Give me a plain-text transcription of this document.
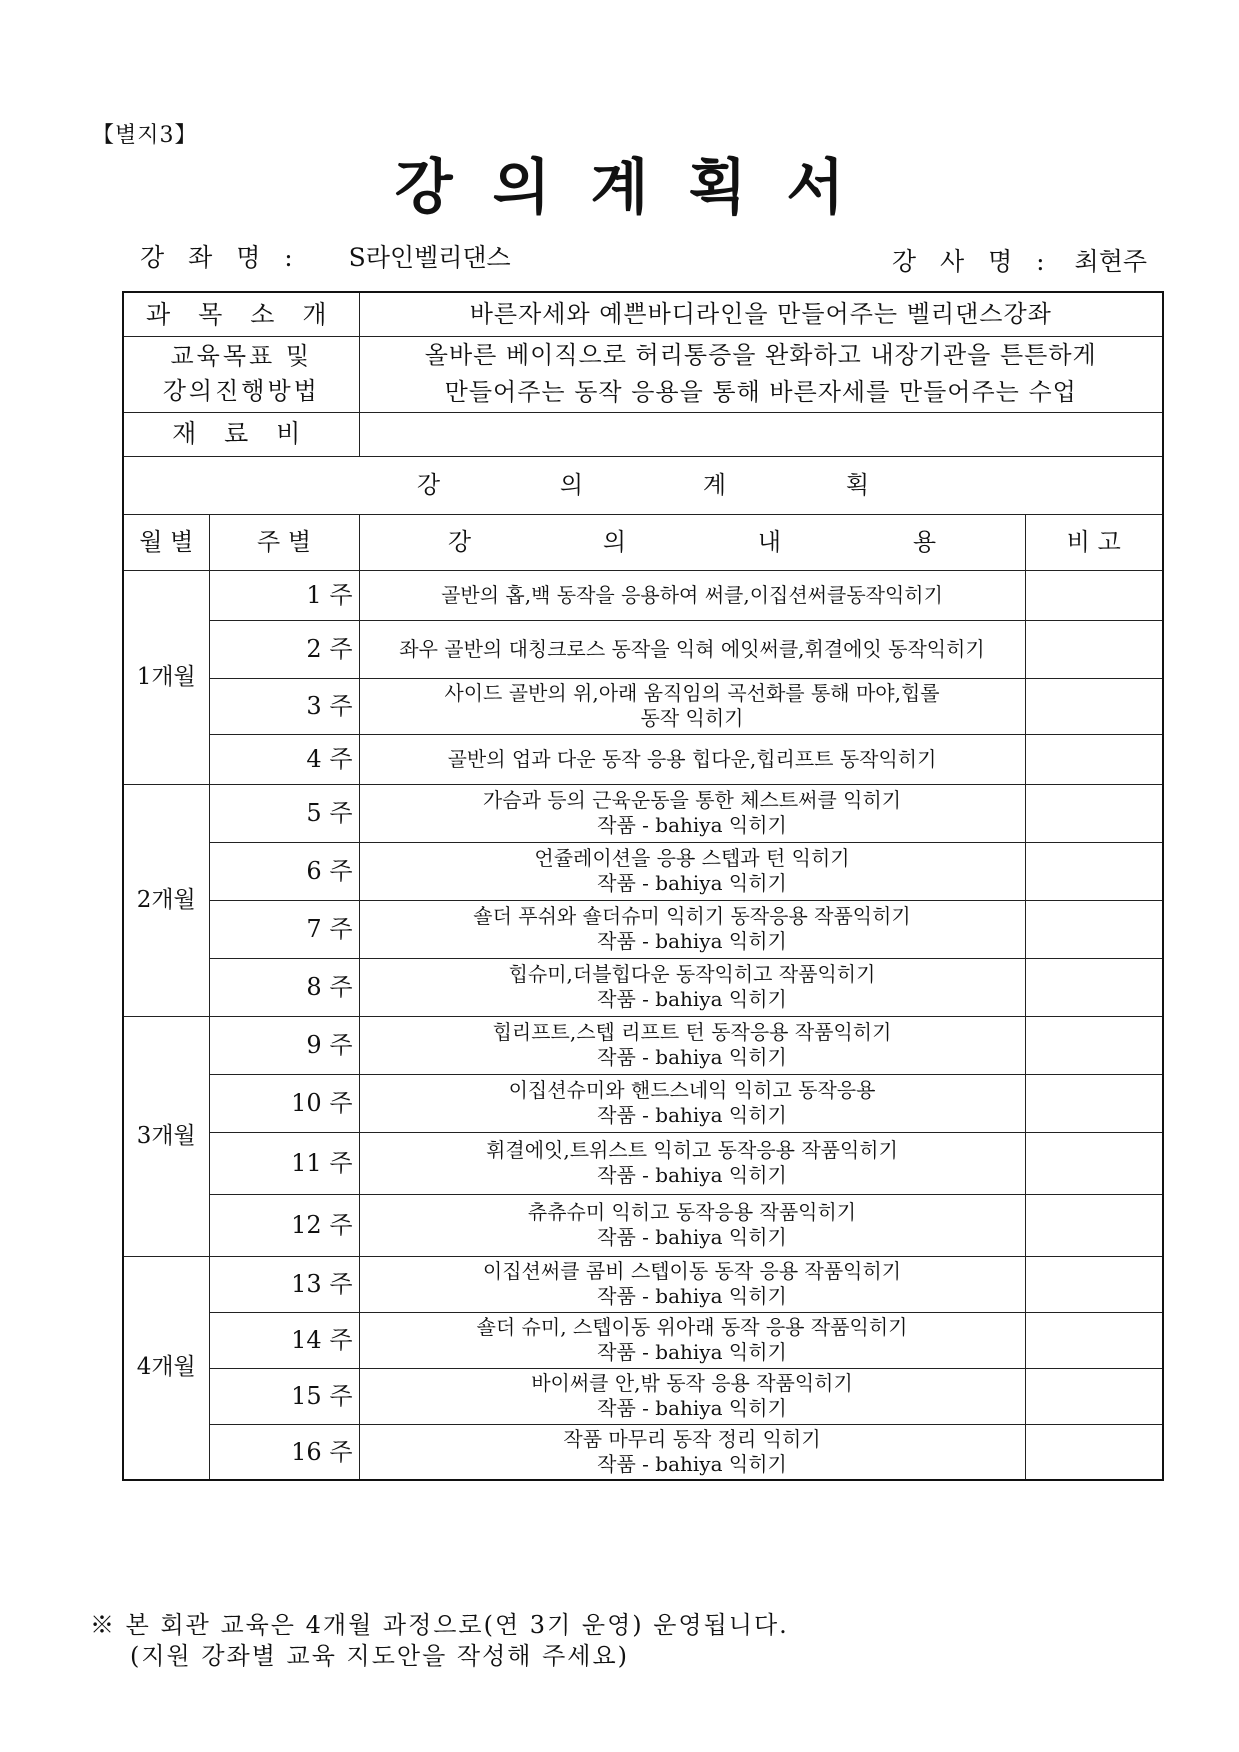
【별지3】
강의계획서
강 좌 명 : S라인벨리댄스	강 사 명 : 최현주
과 목 소 개		바른자세와 예쁜바디라인을 만들어주는 벨리댄스강좌	
교육목표 및
강의진행방법		올바른 베이직으로 허리통증을 완화하고 내장기관을 튼튼하게
만들어주는 동작 응용을 통해 바른자세를 만들어주는 수업	
재 료 비			
강 의 계 획			
월 별	주 별	강 의 내 용	비 고
1개월	1 주	골반의 홉,백 동작을 응용하여 써클,이집션써클동작익히기	

	2 주	좌우 골반의 대칭크로스 동작을 익혀 에잇써클,휘결에잇 동작익히기	

	3 주	사이드 골반의 위,아래 움직임의 곡선화를 통해 마야,힙롤
동작 익히기	

	4 주	골반의 업과 다운 동작 응용 힙다운,힙리프트 동작익히기	

2개월	5 주	가슴과 등의 근육운동을 통한 체스트써클 익히기
작품 - bahiya 익히기	

	6 주	언쥴레이션을 응용 스텝과 턴 익히기
작품 - bahiya 익히기	

	7 주	숄더 푸쉬와 숄더슈미 익히기 동작응용 작품익히기
작품 - bahiya 익히기	

	8 주	힙슈미,더블힙다운 동작익히고 작품익히기
작품 - bahiya 익히기	

3개월	9 주	힙리프트,스텝 리프트 턴 동작응용 작품익히기
작품 - bahiya 익히기	

	10 주	이집션슈미와 핸드스네익 익히고 동작응용
작품 - bahiya 익히기	

	11 주	휘결에잇,트위스트 익히고 동작응용 작품익히기
작품 - bahiya 익히기	

	12 주	츄츄슈미 익히고 동작응용 작품익히기
작품 - bahiya 익히기	

4개월	13 주	이집션써클 콤비 스텝이동 동작 응용 작품익히기
작품 - bahiya 익히기	

	14 주	숄더 슈미, 스텝이동 위아래 동작 응용 작품익히기
작품 - bahiya 익히기	

	15 주	바이써클 안,밖 동작 응용 작품익히기
작품 - bahiya 익히기	

	16 주	작품 마무리 동작 정리 익히기
작품 - bahiya 익히기	

※ 본 회관 교육은 4개월 과정으로(연 3기 운영) 운영됩니다.
(지원 강좌별 교육 지도안을 작성해 주세요)
